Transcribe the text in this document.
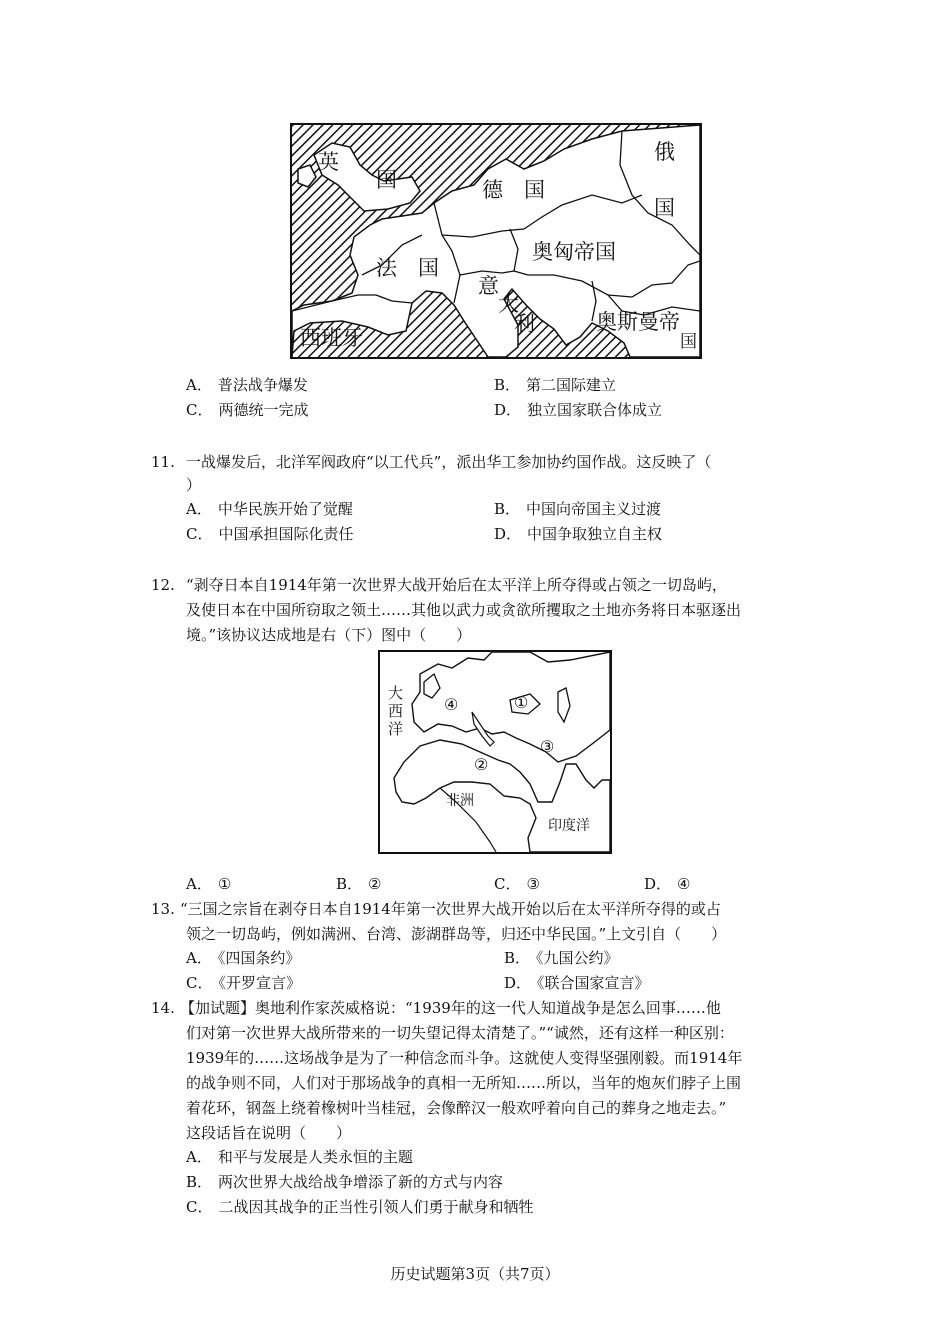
英
国	德　国
俄
国
法　国
奥匈帝国
意
大
利
西班牙
奥斯曼帝
国
A． 普法战争爆发	B． 第二国际建立
C． 两德统一完成	D． 独立国家联合体成立
11. 一战爆发后，北洋军阀政府“以工代兵”，派出华工参加协约国作战。这反映了（
）
A． 中华民族开始了觉醒	B． 中国向帝国主义过渡
C． 中国承担国际化责任	D． 中国争取独立自主权
12. “剥夺日本自1914年第一次世界大战开始后在太平洋上所夺得或占领之一切岛屿，
及使日本在中国所窃取之领土……其他以武力或贪欲所攫取之土地亦务将日本驱逐出
境。”该协议达成地是右（下）图中（　　）
大
西
洋
非洲
印度洋
①
②
③
④
A． ①	B． ②	C． ③	D． ④
13. “三国之宗旨在剥夺日本自1914年第一次世界大战开始以后在太平洋所夺得的或占
领之一切岛屿，例如满洲、台湾、澎湖群岛等，归还中华民国。”上文引自（　　）
A． 《四国条约》	B． 《九国公约》
C． 《开罗宣言》	D． 《联合国家宣言》
14. 【加试题】奥地利作家茨威格说：“1939年的这一代人知道战争是怎么回事……他
们对第一次世界大战所带来的一切失望记得太清楚了。”“诚然，还有这样一种区别：
1939年的……这场战争是为了一种信念而斗争。这就使人变得坚强刚毅。而1914年
的战争则不同，人们对于那场战争的真相一无所知……所以，当年的炮灰们脖子上围
着花环，钢盔上绕着橡树叶当桂冠，会像醉汉一般欢呼着向自己的葬身之地走去。”
这段话旨在说明（　　）
A． 和平与发展是人类永恒的主题
B． 两次世界大战给战争增添了新的方式与内容
C． 二战因其战争的正当性引领人们勇于献身和牺牲
历史试题第3页（共7页）
